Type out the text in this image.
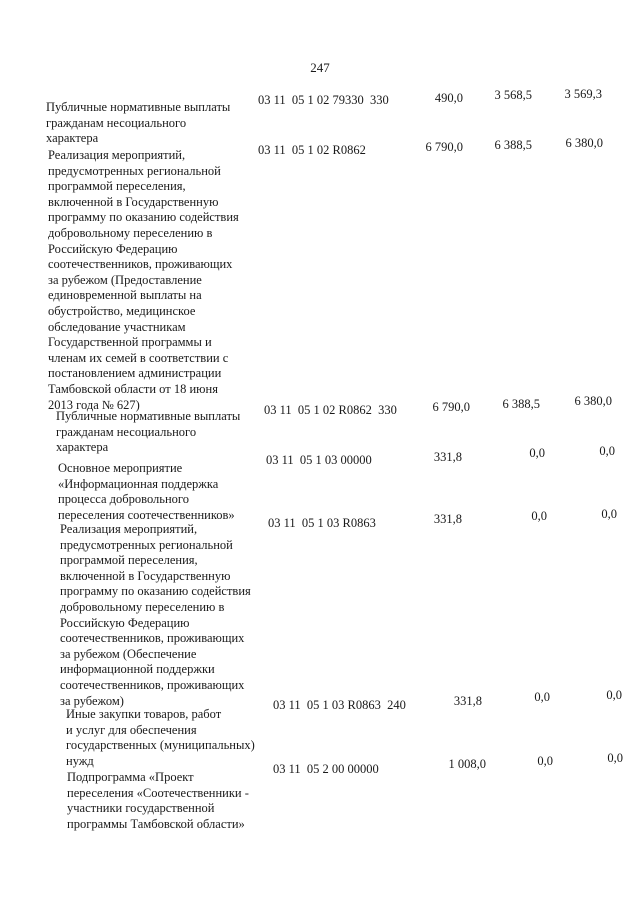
247
Публичные нормативные выплаты
гражданам несоциального
характера
03 11  05 1 02 79330  330	490,0	3 568,5	3 569,3
Реализация мероприятий,
предусмотренных региональной
программой переселения,
включенной в Государственную
программу по оказанию содействия
добровольному переселению в
Российскую Федерацию
соотечественников, проживающих
за рубежом (Предоставление
единовременной выплаты на
обустройство, медицинское
обследование участникам
Государственной программы и
членам их семей в соответствии с
постановлением администрации
Тамбовской области от 18 июня
2013 года № 627)
03 11  05 1 02 R0862	6 790,0	6 388,5	6 380,0
Публичные нормативные выплаты
гражданам несоциального
характера
03 11  05 1 02 R0862  330	6 790,0	6 388,5	6 380,0
Основное мероприятие
«Информационная поддержка
процесса добровольного
переселения соотечественников»
03 11  05 1 03 00000	331,8	0,0	0,0
Реализация мероприятий,
предусмотренных региональной
программой переселения,
включенной в Государственную
программу по оказанию содействия
добровольному переселению в
Российскую Федерацию
соотечественников, проживающих
за рубежом (Обеспечение
информационной поддержки
соотечественников, проживающих
за рубежом)
03 11  05 1 03 R0863	331,8	0,0	0,0
Иные закупки товаров, работ
и услуг для обеспечения
государственных (муниципальных)
нужд
03 11  05 1 03 R0863  240	331,8	0,0	0,0
Подпрограмма «Проект
переселения «Соотечественники -
участники государственной
программы Тамбовской области»
03 11  05 2 00 00000	1 008,0	0,0	0,0
